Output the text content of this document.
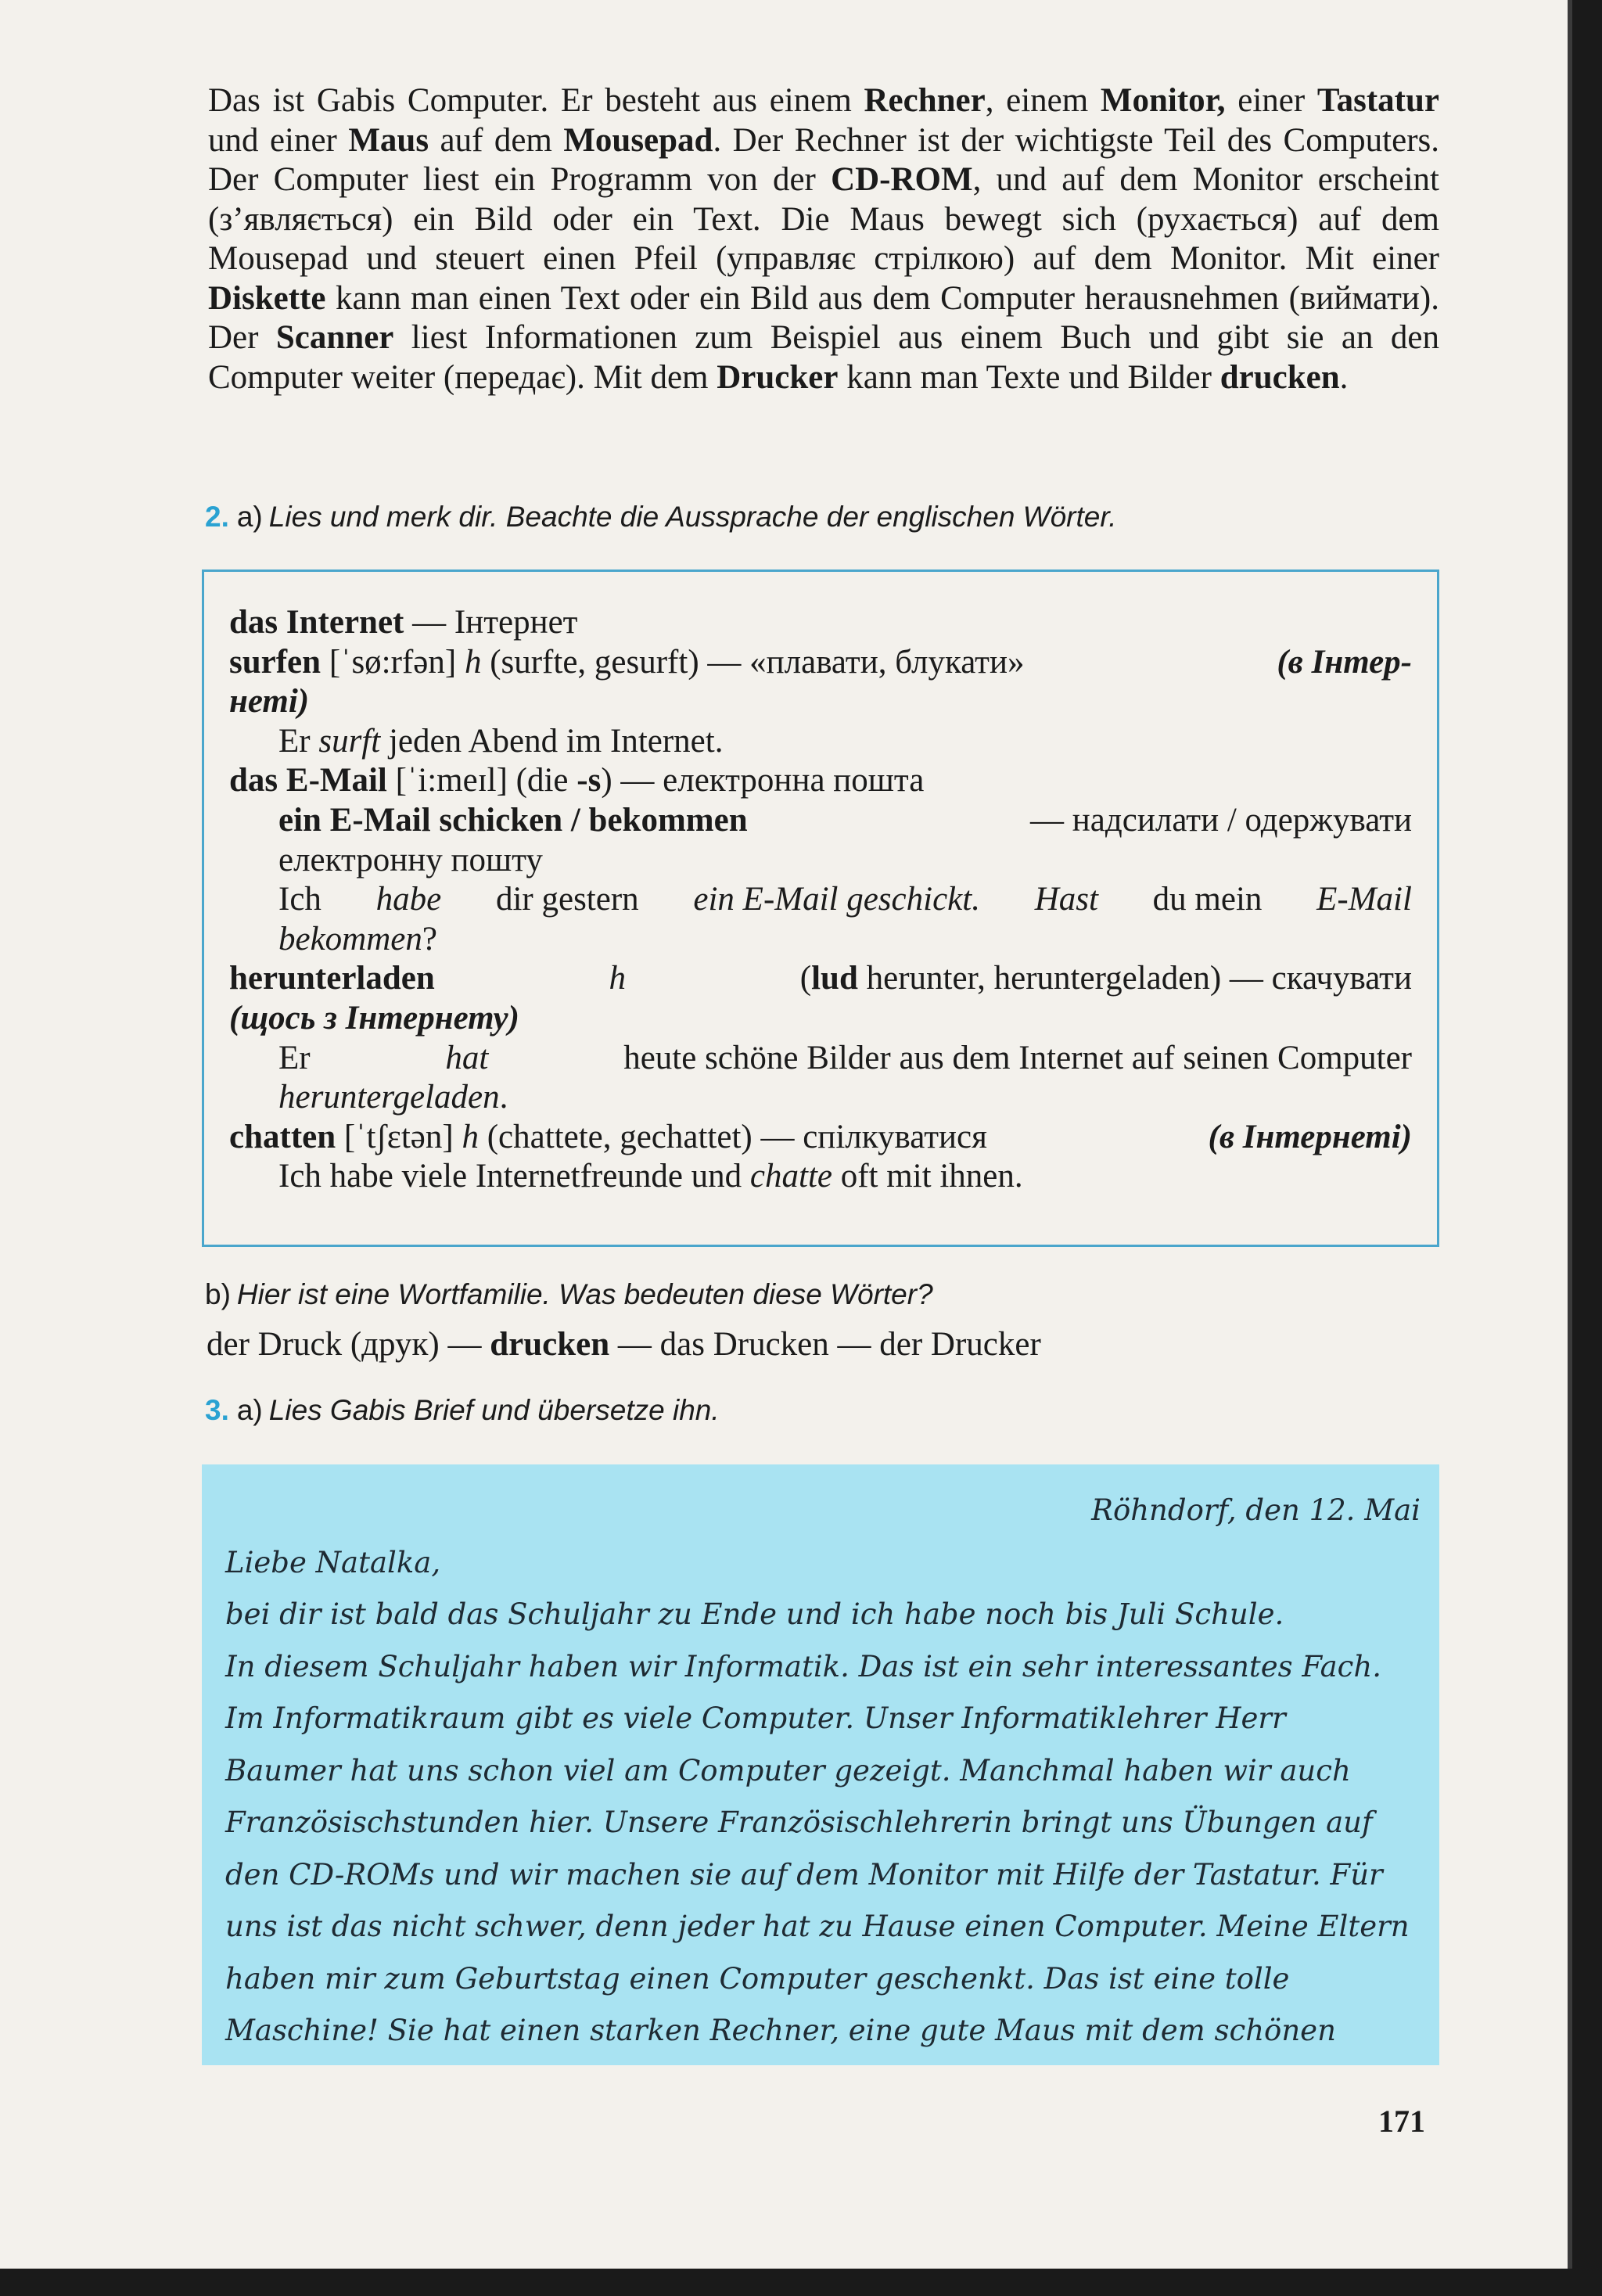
Das ist Gabis Computer. Er besteht aus einem Rechner, einem Monitor, einer Tastatur und einer Maus auf dem Mousepad. Der Rechner ist der wichtigste Teil des Computers. Der Computer liest ein Programm von der CD-ROM, und auf dem Monitor erscheint (з’являється) ein Bild oder ein Text. Die Maus bewegt sich (рухається) auf dem Mousepad und steuert einen Pfeil (управляє стрілкою) auf dem Monitor. Mit einer Diskette kann man einen Text oder ein Bild aus dem Computer herausnehmen (виймати). Der Scanner liest Informationen zum Beispiel aus einem Buch und gibt sie an den Computer weiter (передає). Mit dem Drucker kann man Texte und Bilder drucken.

2. a) Lies und merk dir. Beachte die Aussprache der englischen Wörter.
das Internet — Інтернет
surfen [ˈsø:rfən] h (surfte, gesurft) — «плавати, блукати»	(в Інтер-
неті)
Er surft jeden Abend im Internet.
das E-Mail [ˈi:meɪl] (die -s) — електронна пошта
ein E-Mail schicken / bekommen	— надсилати / одержувати
електронну пошту
Ich habe dir gestern ein E-Mail geschickt. Hast du mein E-Mail
bekommen?
herunterladen	h	(lud herunter, heruntergeladen) — скачувати
(щось з Інтернету)
Er	hat	heute schöne Bilder aus dem Internet auf seinen Computer
heruntergeladen.
chatten [ˈtʃɛtən] h (chattete, gechattet) — спілкуватися	(в Інтернеті)
Ich habe viele Internetfreunde und chatte oft mit ihnen.
b) Hier ist eine Wortfamilie. Was bedeuten diese Wörter?
der Druck (друк) — drucken — das Drucken — der Drucker
3. a) Lies Gabis Brief und übersetze ihn.
Röhndorf, den 12. Mai
Liebe Natalka,
bei dir ist bald das Schuljahr zu Ende und ich habe noch bis Juli Schule.
In diesem Schuljahr haben wir Informatik. Das ist ein sehr interessantes Fach.
Im Informatikraum gibt es viele Computer. Unser Informatiklehrer Herr
Baumer hat uns schon viel am Computer gezeigt. Manchmal haben wir auch
Französischstunden hier. Unsere Französischlehrerin bringt uns Übungen auf
den CD-ROMs und wir machen sie auf dem Monitor mit Hilfe der Tastatur. Für
uns ist das nicht schwer, denn jeder hat zu Hause einen Computer. Meine Eltern
haben mir zum Geburtstag einen Computer geschenkt. Das ist eine tolle
Maschine! Sie hat einen starken Rechner, eine gute Maus mit dem schönen
171
